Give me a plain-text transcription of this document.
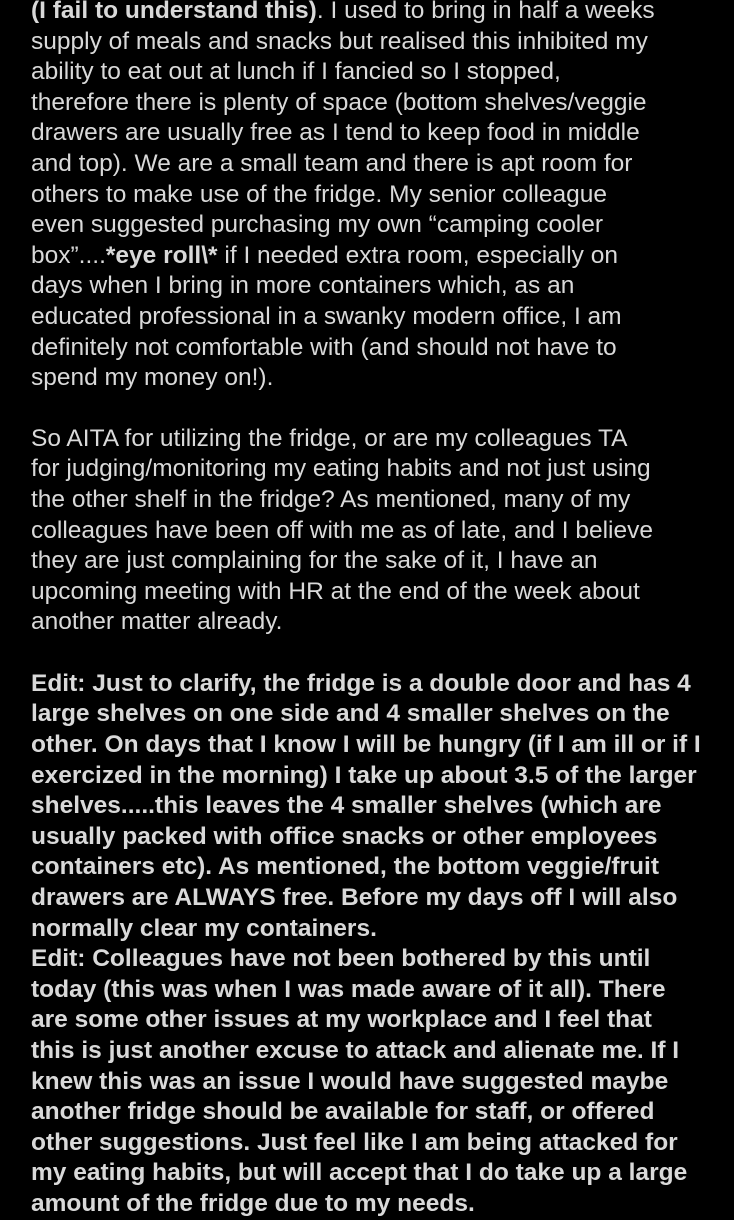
(I fail to understand this). I used to bring in half a weeks
supply of meals and snacks but realised this inhibited my
ability to eat out at lunch if I fancied so I stopped,
therefore there is plenty of space (bottom shelves/veggie
drawers are usually free as I tend to keep food in middle
and top). We are a small team and there is apt room for
others to make use of the fridge. My senior colleague
even suggested purchasing my own “camping cooler
box”....*eye roll\* if I needed extra room, especially on
days when I bring in more containers which, as an
educated professional in a swanky modern office, I am
definitely not comfortable with (and should not have to
spend my money on!).
So AITA for utilizing the fridge, or are my colleagues TA
for judging/monitoring my eating habits and not just using
the other shelf in the fridge? As mentioned, many of my
colleagues have been off with me as of late, and I believe
they are just complaining for the sake of it, I have an
upcoming meeting with HR at the end of the week about
another matter already.
Edit: Just to clarify, the fridge is a double door and has 4
large shelves on one side and 4 smaller shelves on the
other. On days that I know I will be hungry (if I am ill or if I
exercized in the morning) I take up about 3.5 of the larger
shelves.....this leaves the 4 smaller shelves (which are
usually packed with office snacks or other employees
containers etc). As mentioned, the bottom veggie/fruit
drawers are ALWAYS free. Before my days off I will also
normally clear my containers.
Edit: Colleagues have not been bothered by this until
today (this was when I was made aware of it all). There
are some other issues at my workplace and I feel that
this is just another excuse to attack and alienate me. If I
knew this was an issue I would have suggested maybe
another fridge should be available for staff, or offered
other suggestions. Just feel like I am being attacked for
my eating habits, but will accept that I do take up a large
amount of the fridge due to my needs.
